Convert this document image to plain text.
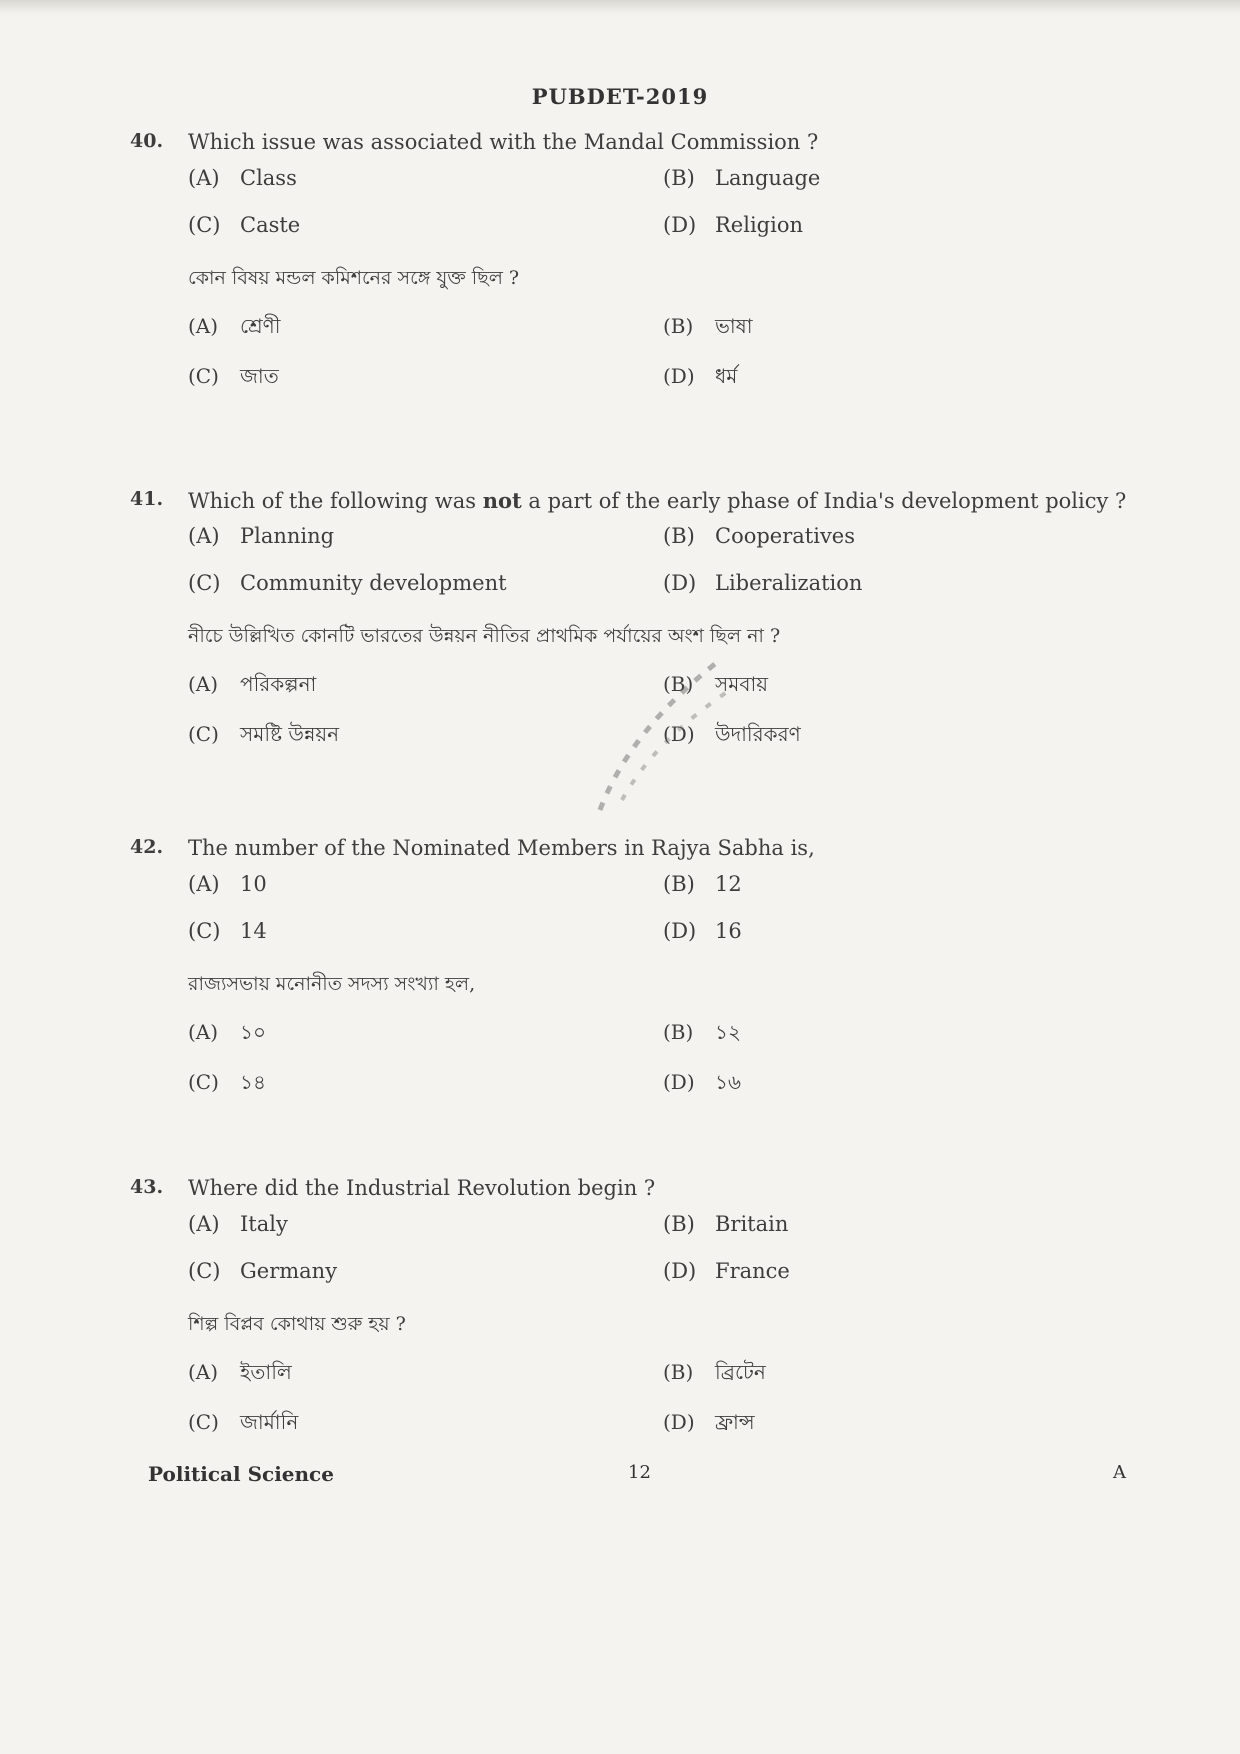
PUBDET-2019
40. Which issue was associated with the Mandal Commission ?
(A) Class	(B) Language
(C) Caste	(D) Religion
কোন বিষয় মন্ডল কমিশনের সঙ্গে যুক্ত ছিল ?
(A) শ্রেণী	(B) ভাষা
(C) জাত	(D) ধর্ম
41. Which of the following was not a part of the early phase of India's development policy ?
(A) Planning	(B) Cooperatives
(C) Community development	(D) Liberalization
নীচে উল্লিখিত কোনটি ভারতের উন্নয়ন নীতির প্রাথমিক পর্যায়ের অংশ ছিল না ?
(A) পরিকল্পনা	(B) সমবায়
(C) সমষ্টি উন্নয়ন	(D) উদারিকরণ
42. The number of the Nominated Members in Rajya Sabha is,
(A) 10	(B) 12
(C) 14	(D) 16
রাজ্যসভায় মনোনীত সদস্য সংখ্যা হল,
(A) ১০	(B) ১২
(C) ১৪	(D) ১৬
43. Where did the Industrial Revolution begin ?
(A) Italy	(B) Britain
(C) Germany	(D) France
শিল্প বিপ্লব কোথায় শুরু হয় ?
(A) ইতালি	(B) ব্রিটেন
(C) জার্মানি	(D) ফ্রান্স
Political Science	12	A
